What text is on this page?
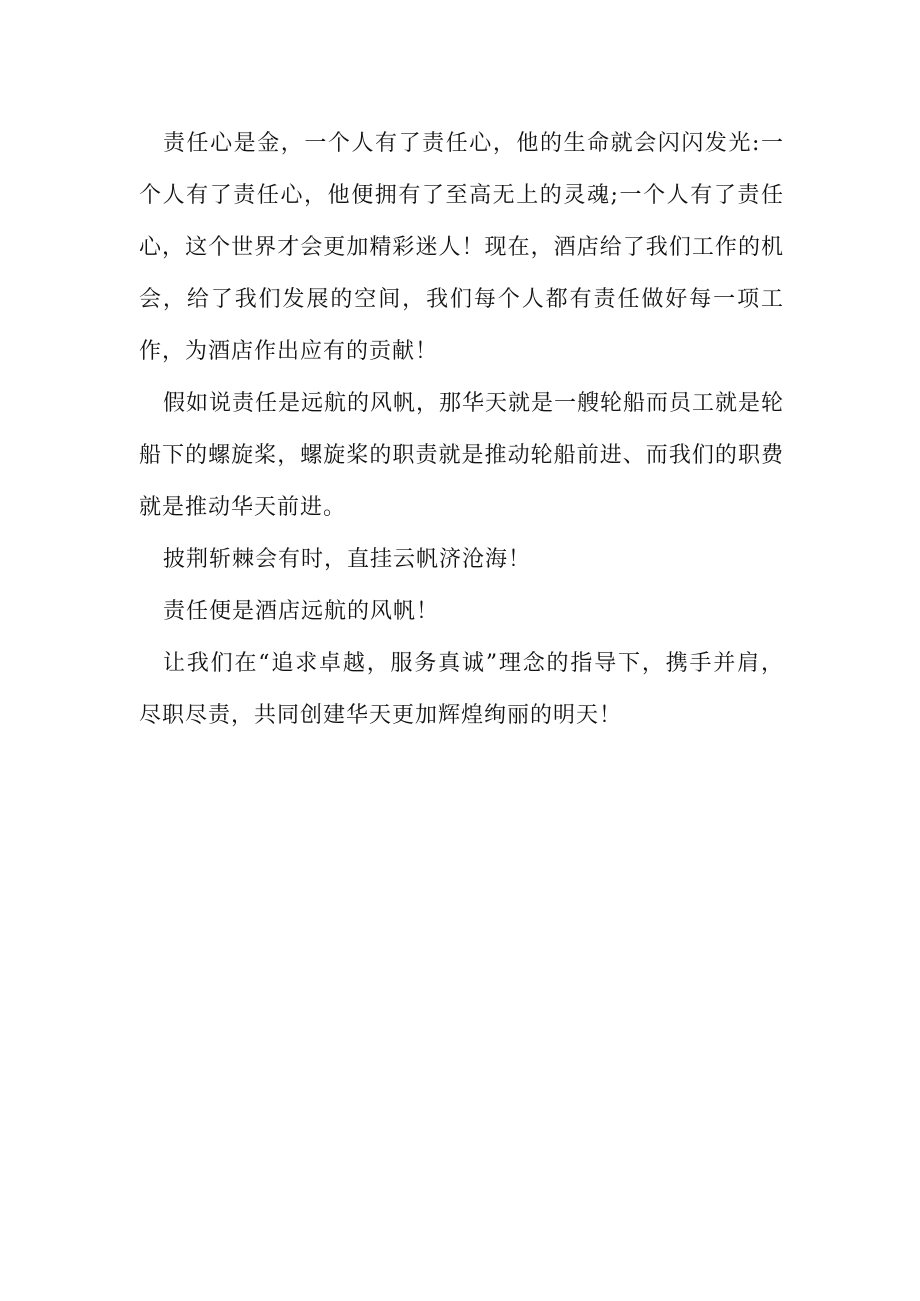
责任心是金，一个人有了责任心，他的生命就会闪闪发光:一个人有了责任心，他便拥有了至高无上的灵魂;一个人有了责任心，这个世界才会更加精彩迷人！现在，酒店给了我们工作的机会，给了我们发展的空间，我们每个人都有责任做好每一项工作，为酒店作出应有的贡献！

假如说责任是远航的风帆，那华天就是一艘轮船而员工就是轮船下的螺旋桨，螺旋桨的职责就是推动轮船前进、而我们的职费就是推动华天前进。

披荆斩棘会有时，直挂云帆济沧海！

责任便是酒店远航的风帆！

让我们在“追求卓越，服务真诚”理念的指导下，携手并肩，尽职尽责，共同创建华天更加辉煌绚丽的明天！
